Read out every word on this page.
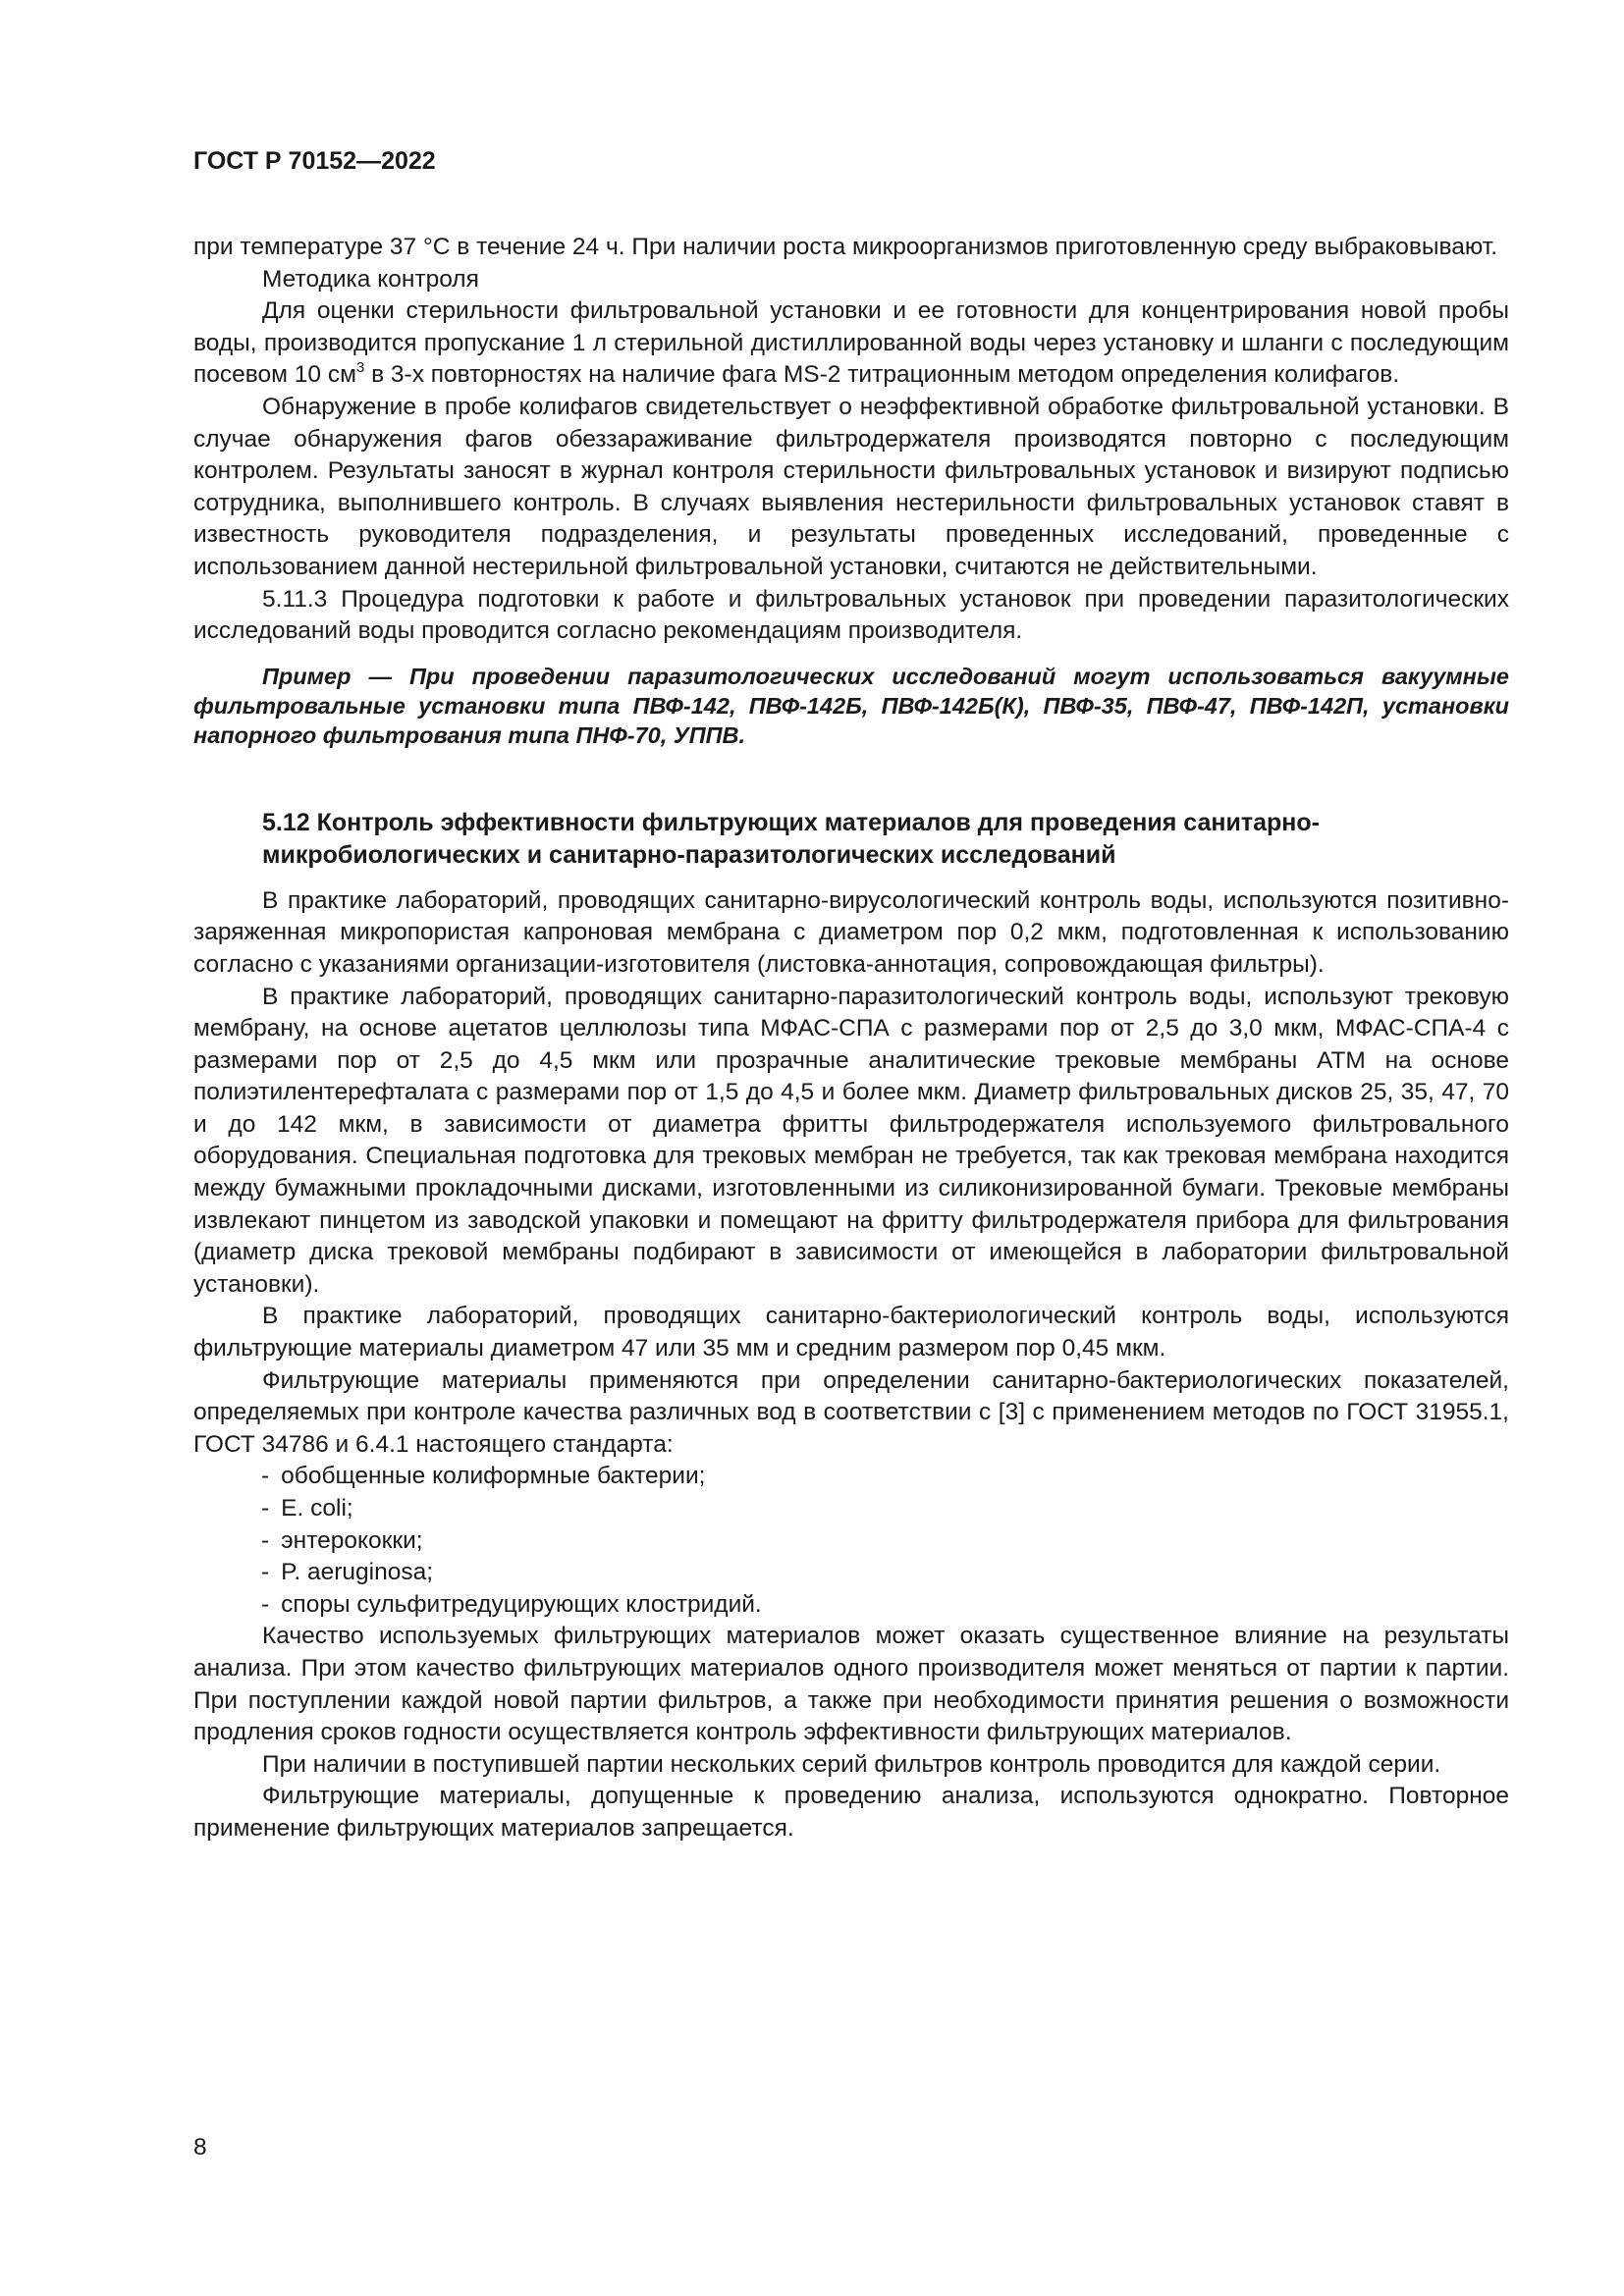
ГОСТ Р 70152—2022

при температуре 37 °С в течение 24 ч. При наличии роста микроорганизмов приготовленную среду выбраковывают.

Методика контроля

Для оценки стерильности фильтровальной установки и ее готовности для концентрирования новой пробы воды, производится пропускание 1 л стерильной дистиллированной воды через установку и шланги с последующим посевом 10 $см^3$ в 3-х повторностях на наличие фага MS-2 титрационным методом определения колифагов.

Обнаружение в пробе колифагов свидетельствует о неэффективной обработке фильтровальной установки. В случае обнаружения фагов обеззараживание фильтродержателя производятся повторно с последующим контролем. Результаты заносят в журнал контроля стерильности фильтровальных установок и визируют подписью сотрудника, выполнившего контроль. В случаях выявления нестерильности фильтровальных установок ставят в известность руководителя подразделения, и результаты проведенных исследований, проведенные с использованием данной нестерильной фильтровальной установки, считаются не действительными.

5.11.3 Процедура подготовки к работе и фильтровальных установок при проведении паразитологических исследований воды проводится согласно рекомендациям производителя.

Пример — При проведении паразитологических исследований могут использоваться вакуумные фильтровальные установки типа ПВФ-142, ПВФ-142Б, ПВФ-142Б(К), ПВФ-35, ПВФ-47, ПВФ-142П, установки напорного фильтрования типа ПНФ-70, УППВ.

5.12 Контроль эффективности фильтрующих материалов для проведения санитарно-
микробиологических и санитарно-паразитологических исследований

В практике лабораторий, проводящих санитарно-вирусологический контроль воды, используются позитивно-заряженная микропористая капроновая мембрана с диаметром пор 0,2 мкм, подготовленная к использованию согласно с указаниями организации-изготовителя (листовка-аннотация, сопровождающая фильтры).

В практике лабораторий, проводящих санитарно-паразитологический контроль воды, используют трековую мембрану, на основе ацетатов целлюлозы типа МФАС-СПА с размерами пор от 2,5 до 3,0 мкм, МФАС-СПА-4 с размерами пор от 2,5 до 4,5 мкм или прозрачные аналитические трековые мембраны АТМ на основе полиэтилентерефталата с размерами пор от 1,5 до 4,5 и более мкм. Диаметр фильтровальных дисков 25, 35, 47, 70 и до 142 мкм, в зависимости от диаметра фритты фильтродержателя используемого фильтровального оборудования. Специальная подготовка для трековых мембран не требуется, так как трековая мембрана находится между бумажными прокладочными дисками, изготовленными из силиконизированной бумаги. Трековые мембраны извлекают пинцетом из заводской упаковки и помещают на фритту фильтродержателя прибора для фильтрования (диаметр диска трековой мембраны подбирают в зависимости от имеющейся в лаборатории фильтровальной установки).

В практике лабораторий, проводящих санитарно-бактериологический контроль воды, используются фильтрующие материалы диаметром 47 или 35 мм и средним размером пор 0,45 мкм.

Фильтрующие материалы применяются при определении санитарно-бактериологических показателей, определяемых при контроле качества различных вод в соответствии с [3] с применением методов по ГОСТ 31955.1, ГОСТ 34786 и 6.4.1 настоящего стандарта:

- обобщенные колиформные бактерии;
- E. coli;
- энтерококки;
- P. aeruginosa;
- споры сульфитредуцирующих клостридий.

Качество используемых фильтрующих материалов может оказать существенное влияние на результаты анализа. При этом качество фильтрующих материалов одного производителя может меняться от партии к партии. При поступлении каждой новой партии фильтров, а также при необходимости принятия решения о возможности продления сроков годности осуществляется контроль эффективности фильтрующих материалов.

При наличии в поступившей партии нескольких серий фильтров контроль проводится для каждой серии.

Фильтрующие материалы, допущенные к проведению анализа, используются однократно. Повторное применение фильтрующих материалов запрещается.

8
